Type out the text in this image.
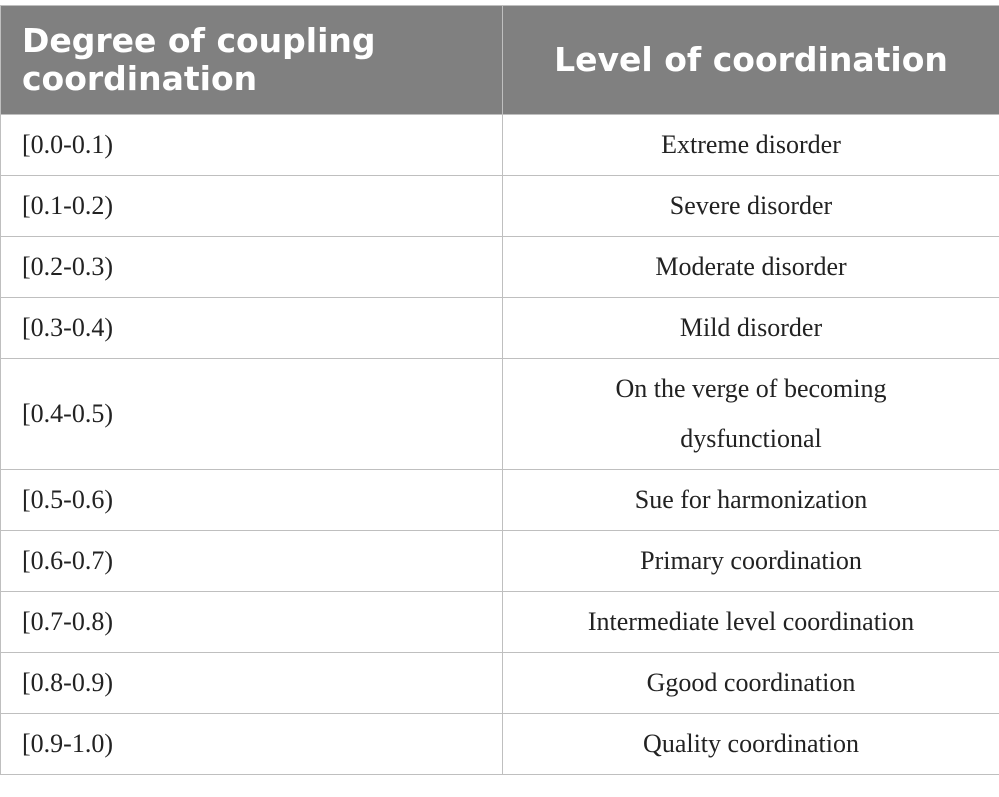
Degree of coupling coordination	Level of coordination
[0.0-0.1)	Extreme disorder
[0.1-0.2)	Severe disorder
[0.2-0.3)	Moderate disorder
[0.3-0.4)	Mild disorder
[0.4-0.5)	On the verge of becoming dysfunctional
[0.5-0.6)	Sue for harmonization
[0.6-0.7)	Primary coordination
[0.7-0.8)	Intermediate level coordination
[0.8-0.9)	Ggood coordination
[0.9-1.0)	Quality coordination
